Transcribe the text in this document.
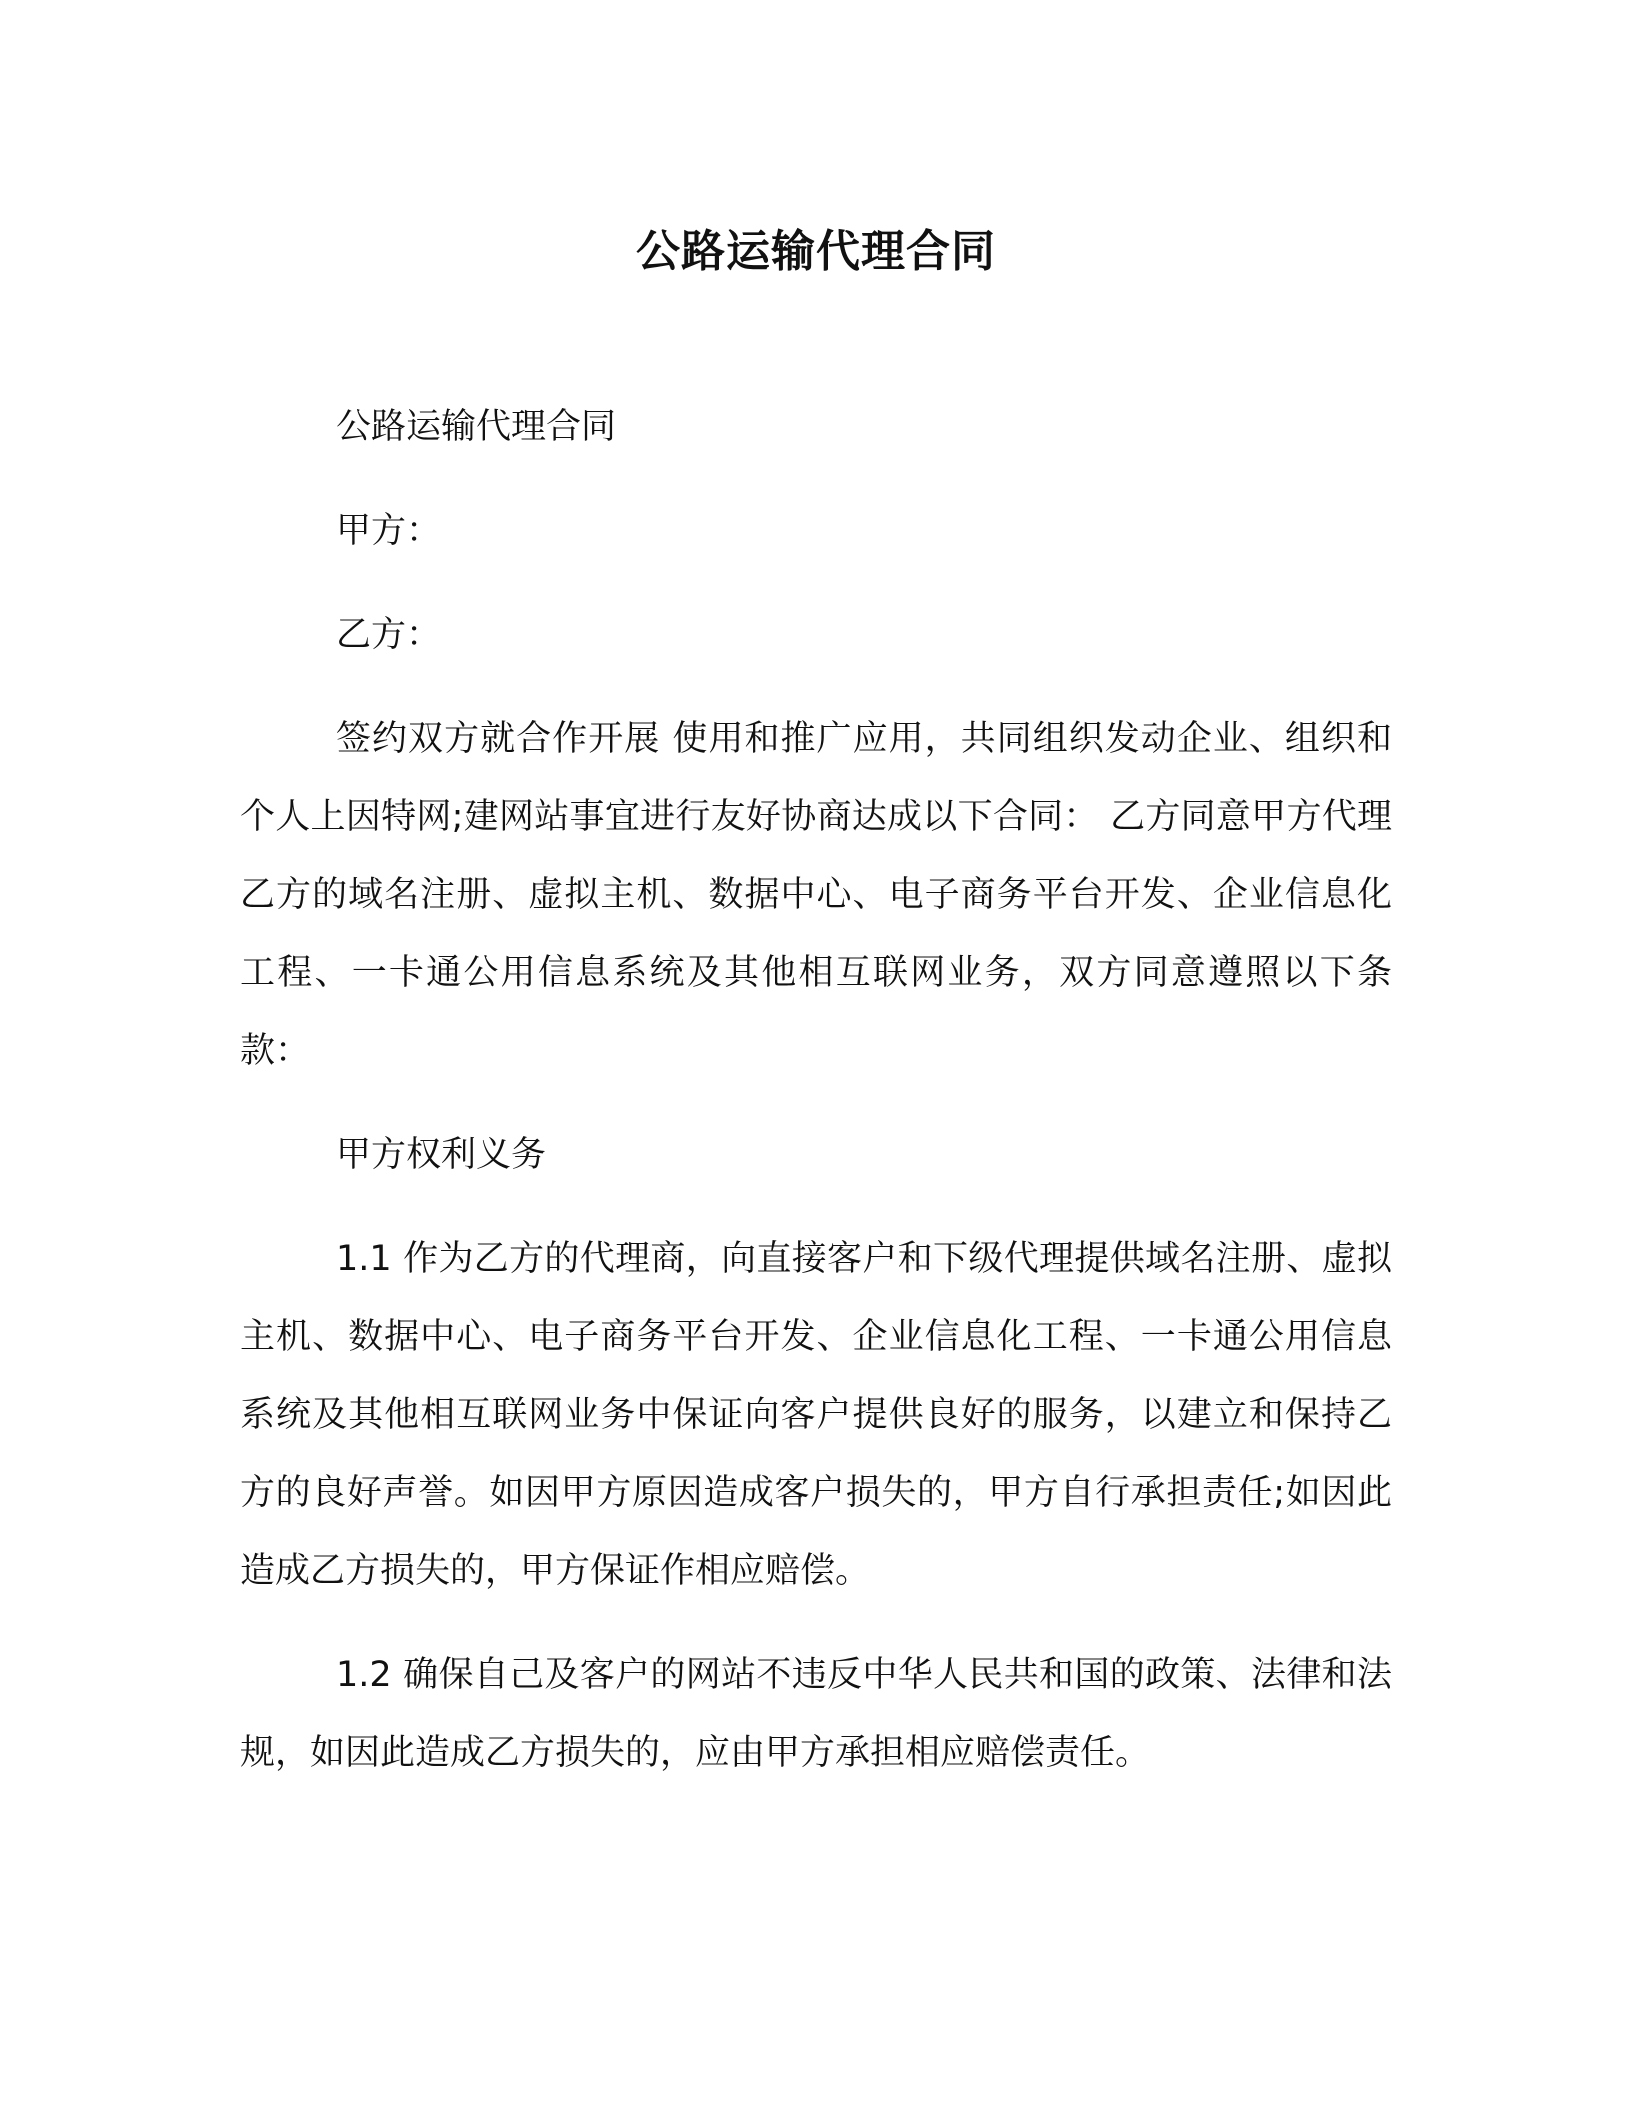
公路运输代理合同

公路运输代理合同

甲方：

乙方：

签约双方就合作开展 使用和推广应用，共同组织发动企业、组织和个人上因特网;建网站事宜进行友好协商达成以下合同： 乙方同意甲方代理乙方的域名注册、虚拟主机、数据中心、电子商务平台开发、企业信息化工程、一卡通公用信息系统及其他相互联网业务，双方同意遵照以下条款：

甲方权利义务

1.1 作为乙方的代理商，向直接客户和下级代理提供域名注册、虚拟主机、数据中心、电子商务平台开发、企业信息化工程、一卡通公用信息系统及其他相互联网业务中保证向客户提供良好的服务，以建立和保持乙方的良好声誉。如因甲方原因造成客户损失的，甲方自行承担责任;如因此造成乙方损失的，甲方保证作相应赔偿。

1.2 确保自己及客户的网站不违反中华人民共和国的政策、法律和法规，如因此造成乙方损失的，应由甲方承担相应赔偿责任。
